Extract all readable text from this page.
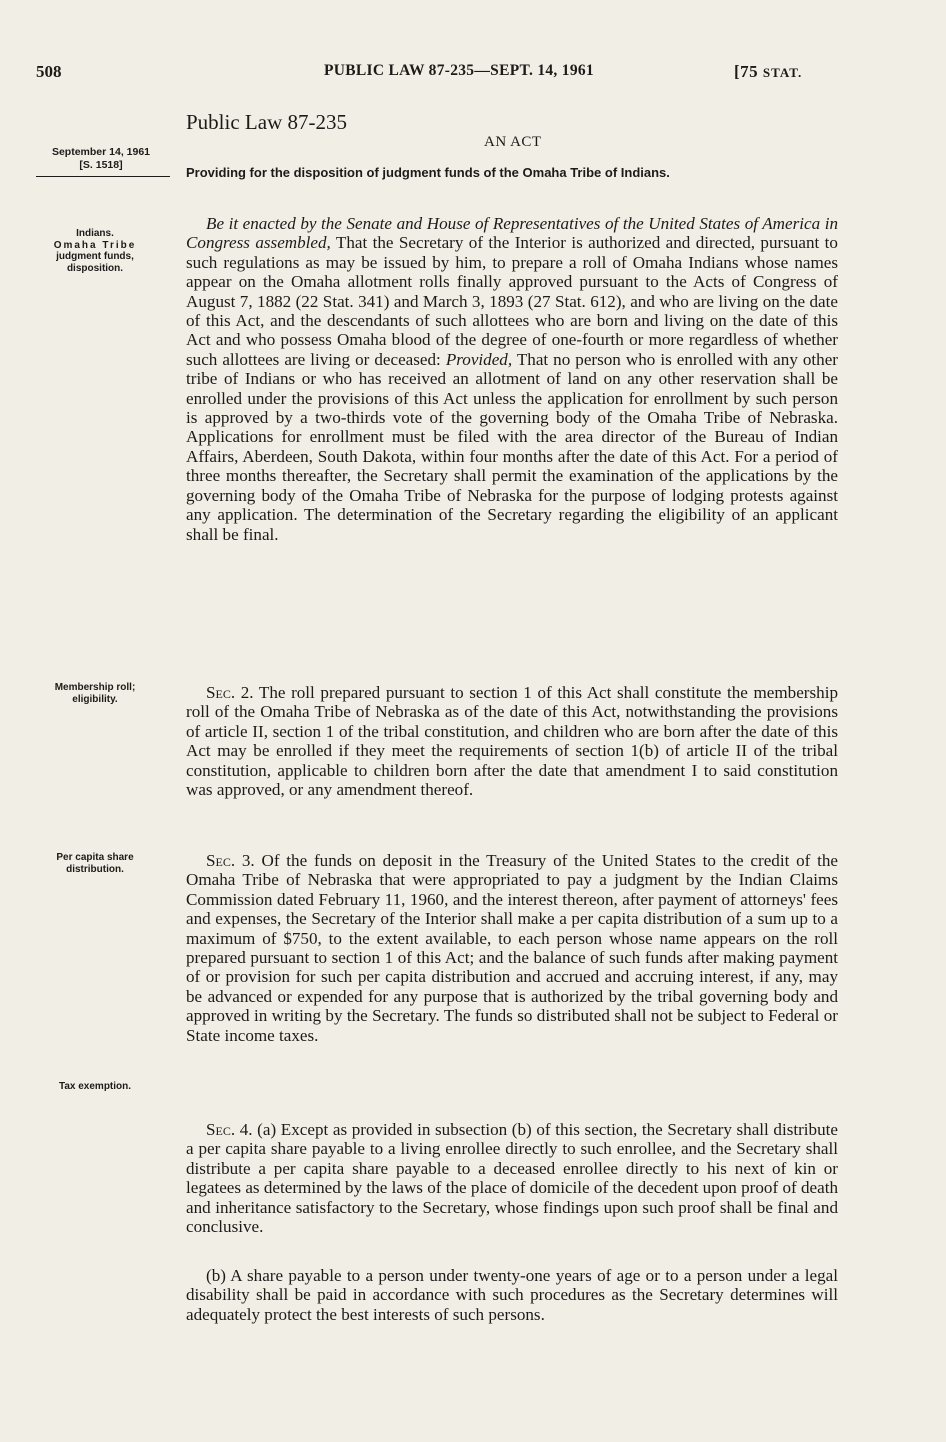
508	PUBLIC LAW 87-235—SEPT. 14, 1961	[75 STAT.
Public Law 87-235
AN ACT
September 14, 1961
[S. 1518]	Providing for the disposition of judgment funds of the Omaha Tribe of Indians.
Indians.
Omaha Tribe
judgment funds,
disposition.
Membership roll;
eligibility.
Per capita share
distribution.
Tax exemption.
Be it enacted by the Senate and House of Representatives of the United States of America in Congress assembled, That the Secretary of the Interior is authorized and directed, pursuant to such regulations as may be issued by him, to prepare a roll of Omaha Indians whose names appear on the Omaha allotment rolls finally approved pursuant to the Acts of Congress of August 7, 1882 (22 Stat. 341) and March 3, 1893 (27 Stat. 612), and who are living on the date of this Act, and the descendants of such allottees who are born and living on the date of this Act and who possess Omaha blood of the degree of one-fourth or more regardless of whether such allottees are living or deceased: Provided, That no person who is enrolled with any other tribe of Indians or who has received an allotment of land on any other reservation shall be enrolled under the provisions of this Act unless the application for enrollment by such person is approved by a two-thirds vote of the governing body of the Omaha Tribe of Nebraska. Applications for enrollment must be filed with the area director of the Bureau of Indian Affairs, Aberdeen, South Dakota, within four months after the date of this Act. For a period of three months thereafter, the Secretary shall permit the examination of the applications by the governing body of the Omaha Tribe of Nebraska for the purpose of lodging protests against any application. The determination of the Secretary regarding the eligibility of an applicant shall be final.
Sec. 2. The roll prepared pursuant to section 1 of this Act shall constitute the membership roll of the Omaha Tribe of Nebraska as of the date of this Act, notwithstanding the provisions of article II, section 1 of the tribal constitution, and children who are born after the date of this Act may be enrolled if they meet the requirements of section 1(b) of article II of the tribal constitution, applicable to children born after the date that amendment I to said constitution was approved, or any amendment thereof.
Sec. 3. Of the funds on deposit in the Treasury of the United States to the credit of the Omaha Tribe of Nebraska that were appropriated to pay a judgment by the Indian Claims Commission dated February 11, 1960, and the interest thereon, after payment of attorneys' fees and expenses, the Secretary of the Interior shall make a per capita distribution of a sum up to a maximum of $750, to the extent available, to each person whose name appears on the roll prepared pursuant to section 1 of this Act; and the balance of such funds after making payment of or provision for such per capita distribution and accrued and accruing interest, if any, may be advanced or expended for any purpose that is authorized by the tribal governing body and approved in writing by the Secretary. The funds so distributed shall not be subject to Federal or State income taxes.
Sec. 4. (a) Except as provided in subsection (b) of this section, the Secretary shall distribute a per capita share payable to a living enrollee directly to such enrollee, and the Secretary shall distribute a per capita share payable to a deceased enrollee directly to his next of kin or legatees as determined by the laws of the place of domicile of the decedent upon proof of death and inheritance satisfactory to the Secretary, whose findings upon such proof shall be final and conclusive.
(b) A share payable to a person under twenty-one years of age or to a person under a legal disability shall be paid in accordance with such procedures as the Secretary determines will adequately protect the best interests of such persons.
